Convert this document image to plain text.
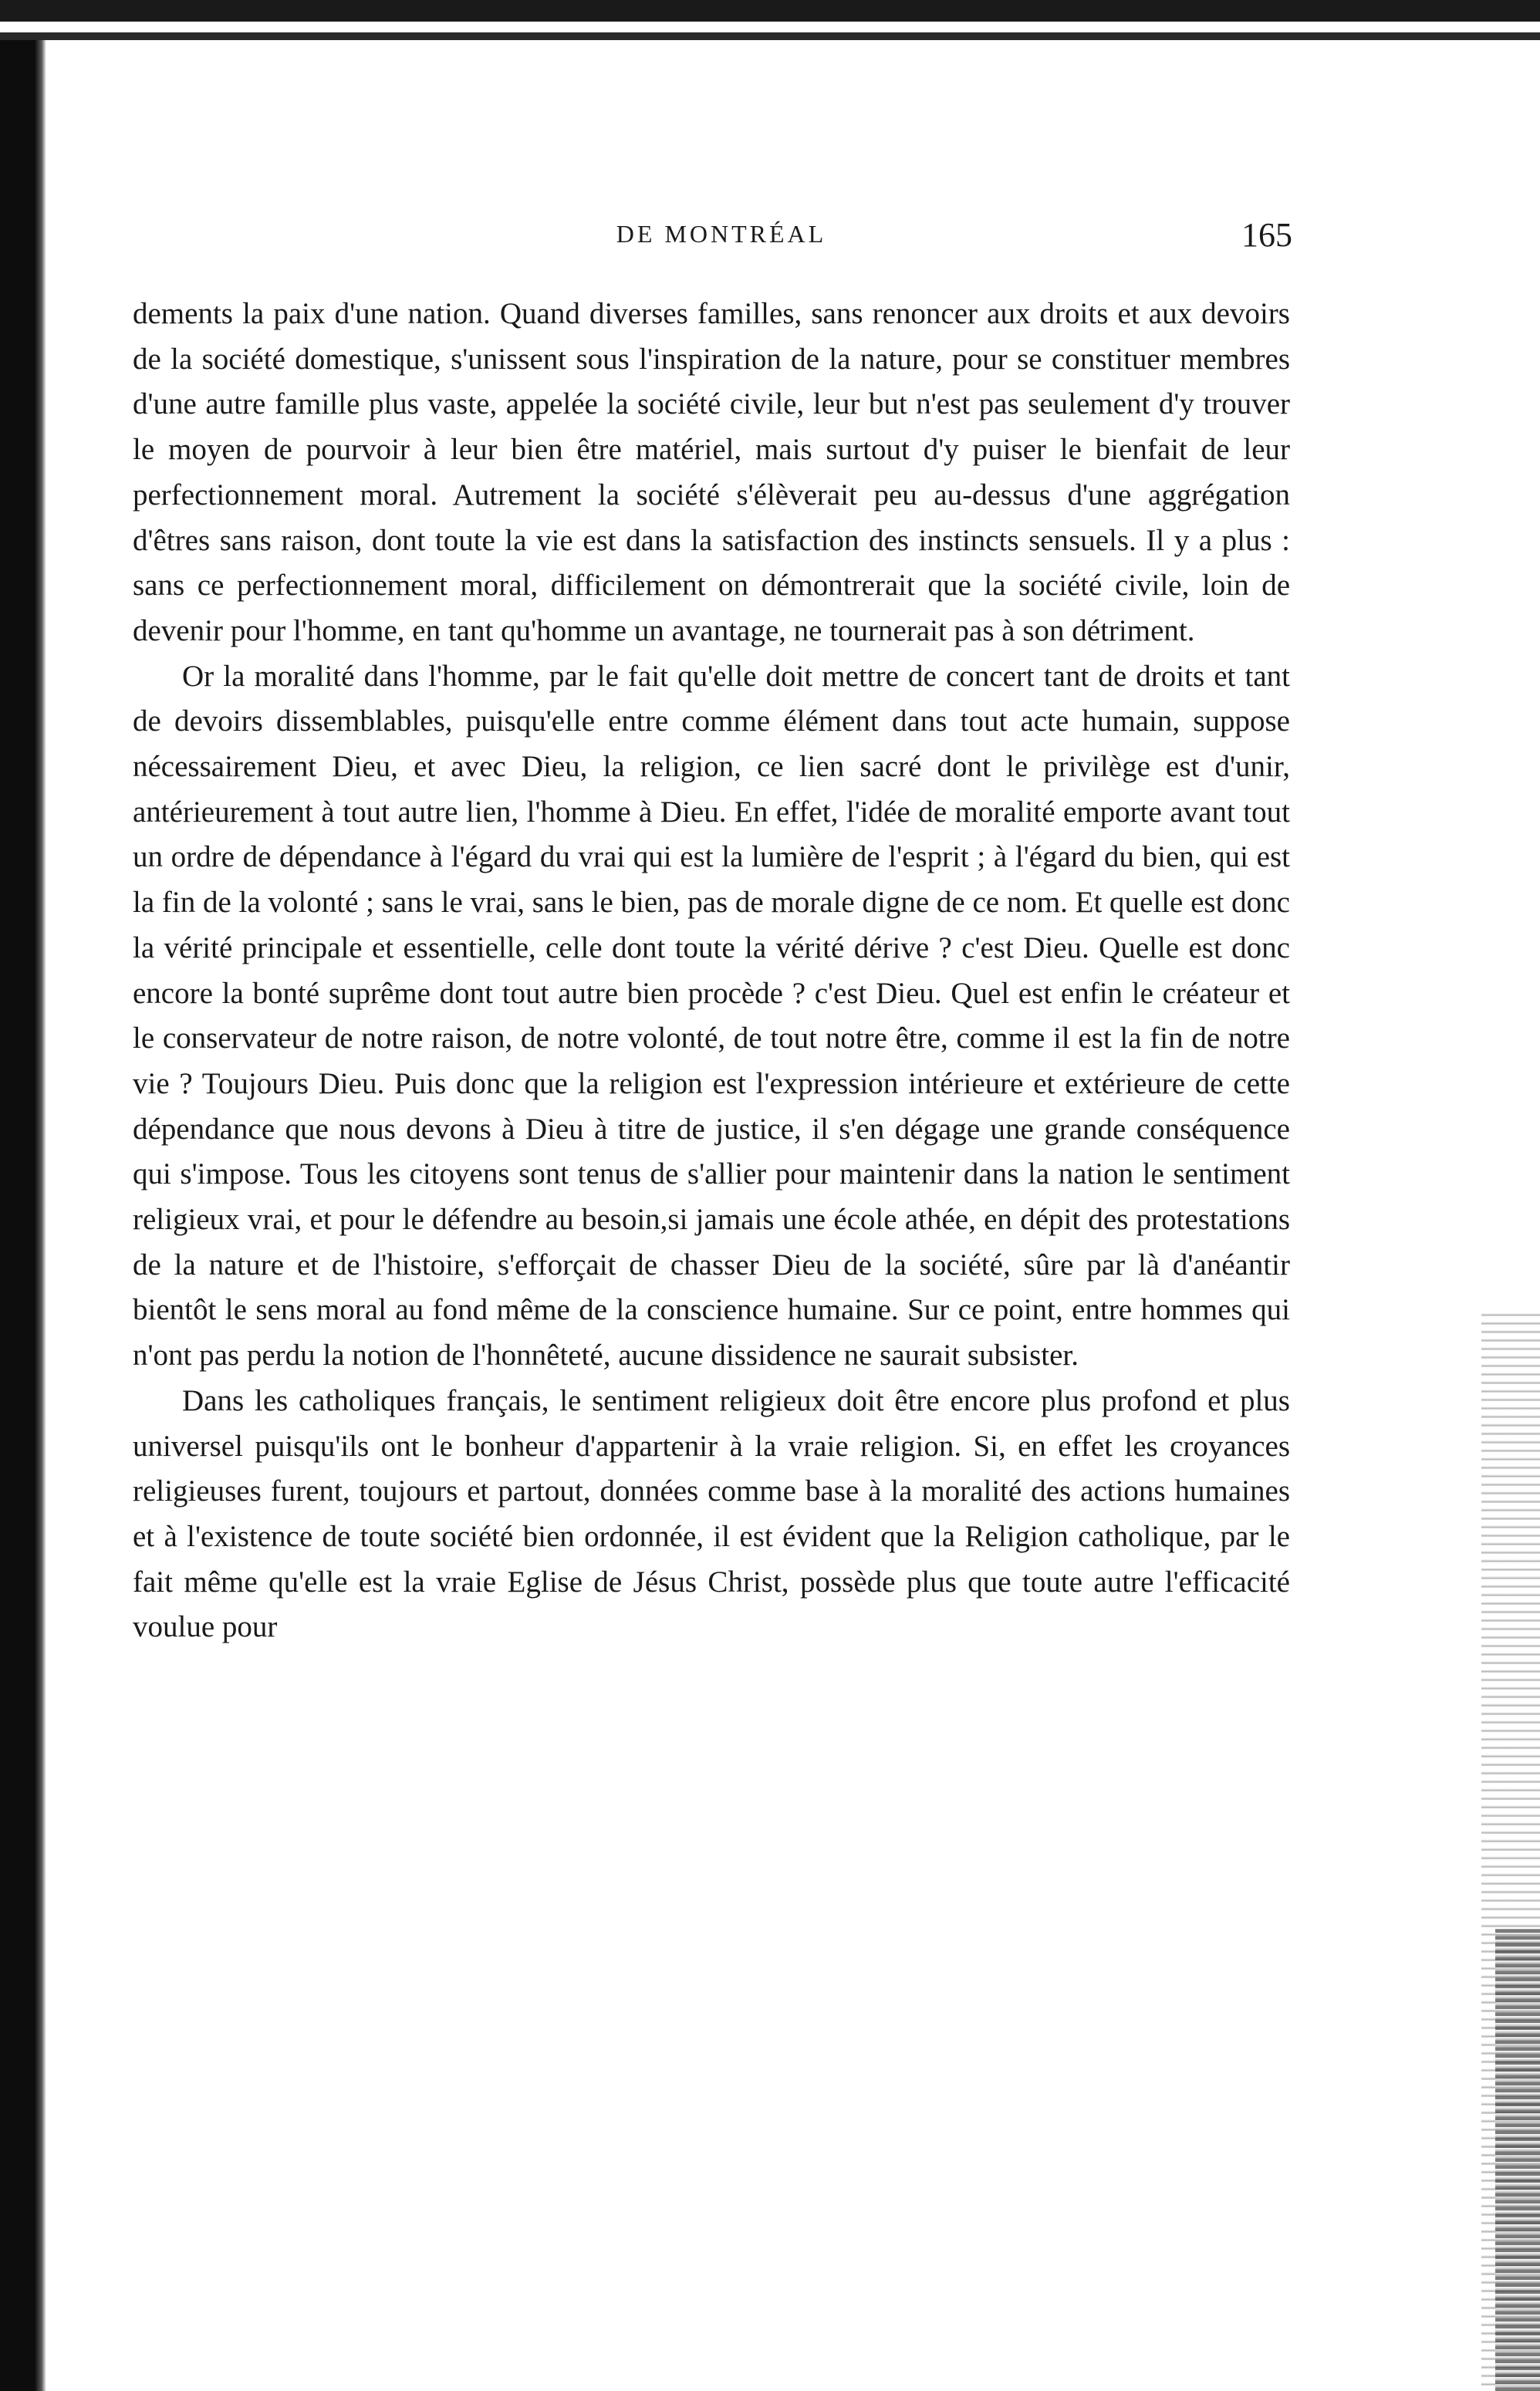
DE MONTRÉAL	165

dements la paix d'une nation. Quand diverses familles, sans renoncer aux droits et aux devoirs de la société domestique, s'unissent sous l'inspiration de la nature, pour se constituer membres d'une autre famille plus vaste, appelée la société civile, leur but n'est pas seulement d'y trouver le moyen de pourvoir à leur bien être matériel, mais surtout d'y puiser le bienfait de leur perfectionnement moral. Autrement la société s'élèverait peu au-dessus d'une aggrégation d'êtres sans raison, dont toute la vie est dans la satisfaction des instincts sensuels. Il y a plus : sans ce perfectionnement moral, difficilement on démontrerait que la société civile, loin de devenir pour l'homme, en tant qu'homme un avantage, ne tournerait pas à son détriment.

Or la moralité dans l'homme, par le fait qu'elle doit mettre de concert tant de droits et tant de devoirs dissemblables, puisqu'elle entre comme élément dans tout acte humain, suppose nécessairement Dieu, et avec Dieu, la religion, ce lien sacré dont le privilège est d'unir, antérieurement à tout autre lien, l'homme à Dieu. En effet, l'idée de moralité emporte avant tout un ordre de dépendance à l'égard du vrai qui est la lumière de l'esprit ; à l'égard du bien, qui est la fin de la volonté ; sans le vrai, sans le bien, pas de morale digne de ce nom. Et quelle est donc la vérité principale et essentielle, celle dont toute la vérité dérive ? c'est Dieu. Quelle est donc encore la bonté suprême dont tout autre bien procède ? c'est Dieu. Quel est enfin le créateur et le conservateur de notre raison, de notre volonté, de tout notre être, comme il est la fin de notre vie ? Toujours Dieu. Puis donc que la religion est l'expression intérieure et extérieure de cette dépendance que nous devons à Dieu à titre de justice, il s'en dégage une grande conséquence qui s'impose. Tous les citoyens sont tenus de s'allier pour maintenir dans la nation le sentiment religieux vrai, et pour le défendre au besoin,si jamais une école athée, en dépit des protestations de la nature et de l'histoire, s'efforçait de chasser Dieu de la société, sûre par là d'anéantir bientôt le sens moral au fond même de la conscience humaine. Sur ce point, entre hommes qui n'ont pas perdu la notion de l'honnêteté, aucune dissidence ne saurait subsister.

Dans les catholiques français, le sentiment religieux doit être encore plus profond et plus universel puisqu'ils ont le bonheur d'appartenir à la vraie religion. Si, en effet les croyances religieuses furent, toujours et partout, données comme base à la moralité des actions humaines et à l'existence de toute société bien ordonnée, il est évident que la Religion catholique, par le fait même qu'elle est la vraie Eglise de Jésus Christ, possède plus que toute autre l'efficacité voulue pour
